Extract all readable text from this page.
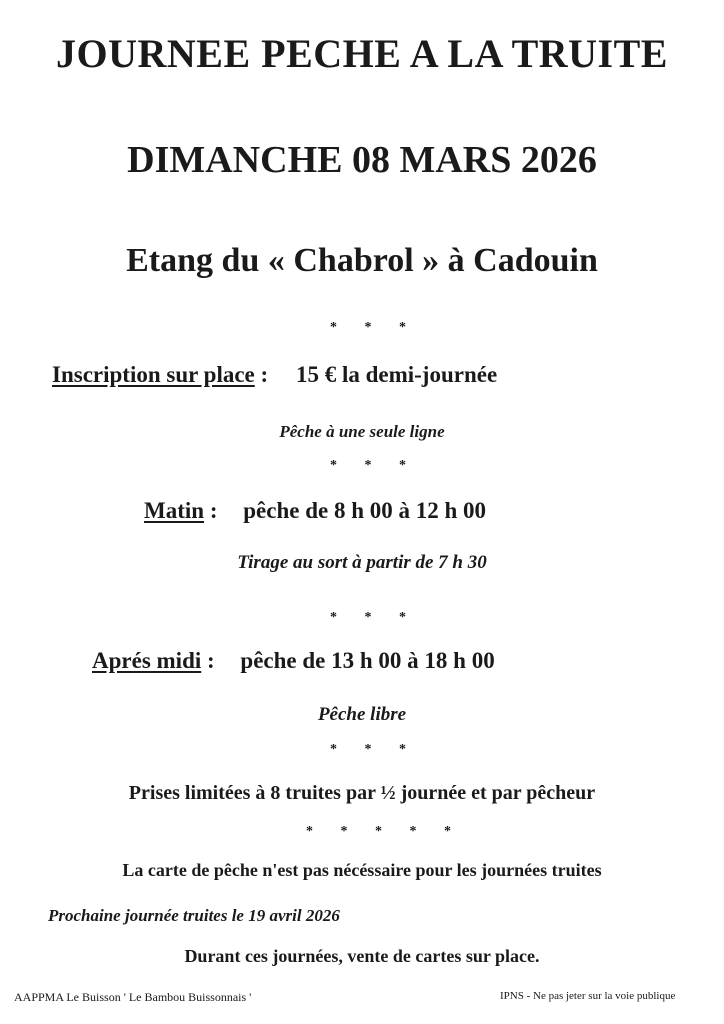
JOURNEE PECHE A LA TRUITE
DIMANCHE 08 MARS 2026
Etang du « Chabrol » à Cadouin
* * *
Inscription sur place : 15 € la demi-journée
Pêche à une seule ligne
* * *
Matin : pêche de 8 h 00 à 12 h 00
Tirage au sort à partir de 7 h 30
* * *
Aprés midi : pêche de 13 h 00 à 18 h 00
Pêche libre
* * *
Prises limitées à 8 truites par ½ journée et par pêcheur
* * * * *
La carte de pêche n'est pas nécéssaire pour les journées truites
Prochaine journée truites le 19 avril 2026
Durant ces journées, vente de cartes sur place.
AAPPMA Le Buisson ' Le Bambou Buissonnais '	IPNS - Ne pas jeter sur la voie publique
